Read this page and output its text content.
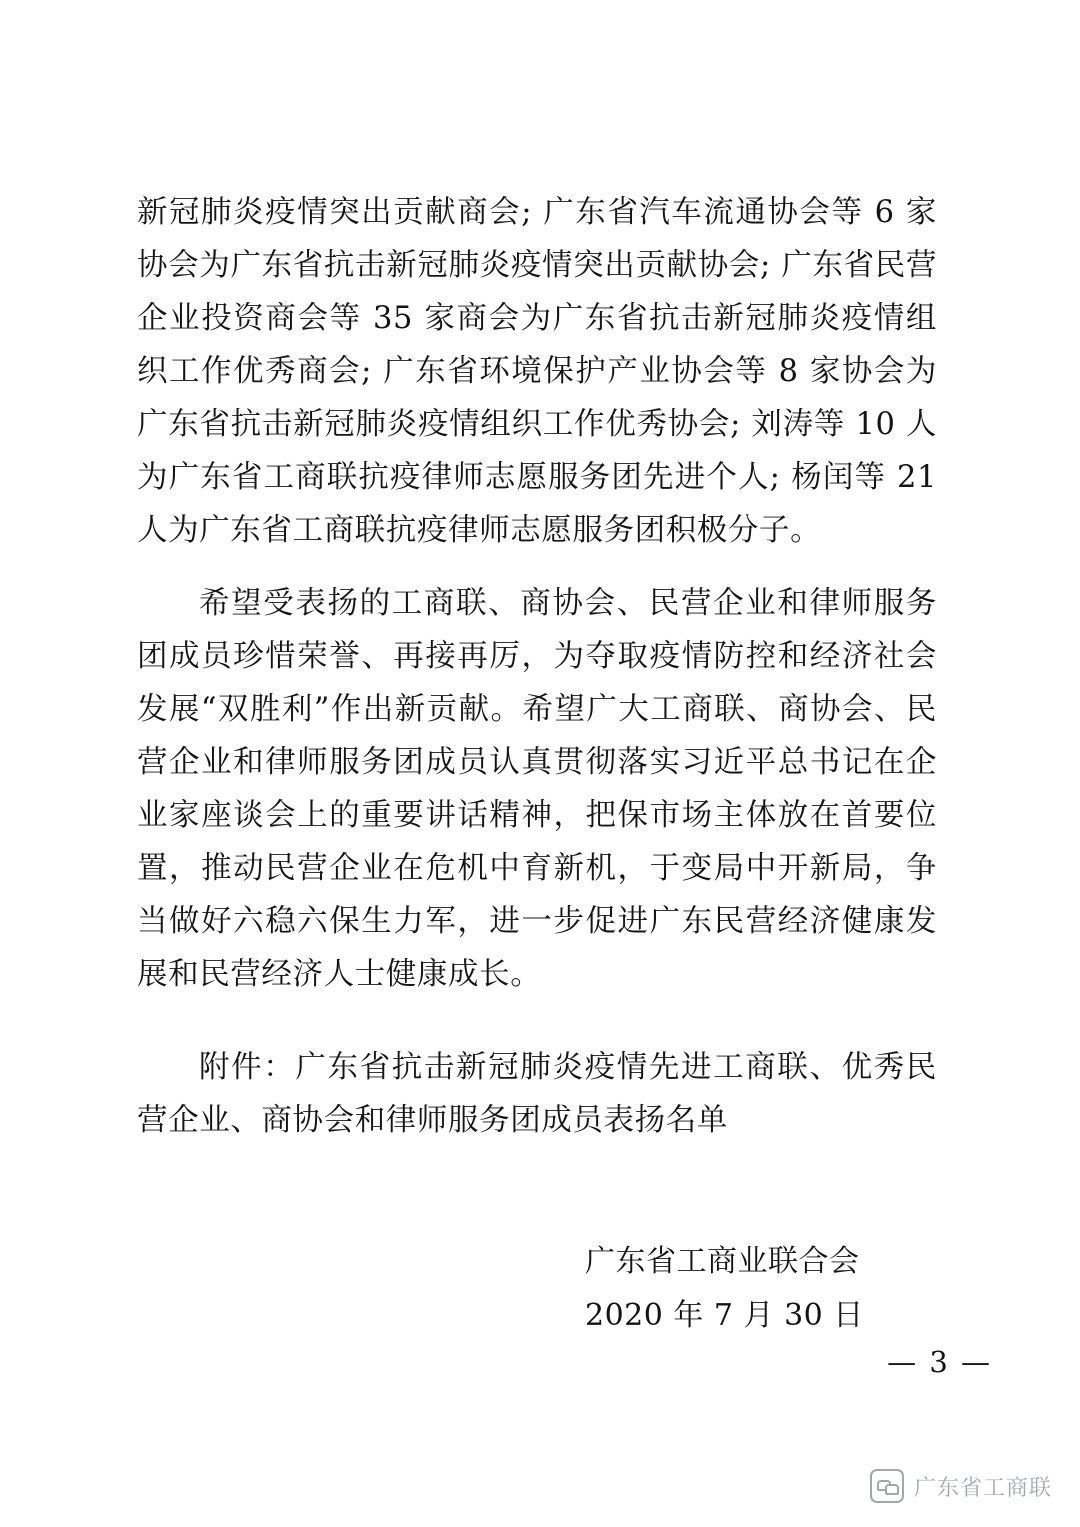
新冠肺炎疫情突出贡献商会; 广东省汽车流通协会等 6 家协会为广东省抗击新冠肺炎疫情突出贡献协会; 广东省民营企业投资商会等 35 家商会为广东省抗击新冠肺炎疫情组织工作优秀商会; 广东省环境保护产业协会等 8 家协会为广东省抗击新冠肺炎疫情组织工作优秀协会; 刘涛等 10 人为广东省工商联抗疫律师志愿服务团先进个人; 杨闰等 21 人为广东省工商联抗疫律师志愿服务团积极分子。

希望受表扬的工商联、商协会、民营企业和律师服务团成员珍惜荣誉、再接再厉，为夺取疫情防控和经济社会发展“双胜利”作出新贡献。希望广大工商联、商协会、民营企业和律师服务团成员认真贯彻落实习近平总书记在企业家座谈会上的重要讲话精神，把保市场主体放在首要位置，推动民营企业在危机中育新机，于变局中开新局，争当做好六稳六保生力军，进一步促进广东民营经济健康发展和民营经济人士健康成长。

附件：广东省抗击新冠肺炎疫情先进工商联、优秀民营企业、商协会和律师服务团成员表扬名单

广东省工商业联合会
2020 年 7 月 30 日
— 3 —
广东省工商联
